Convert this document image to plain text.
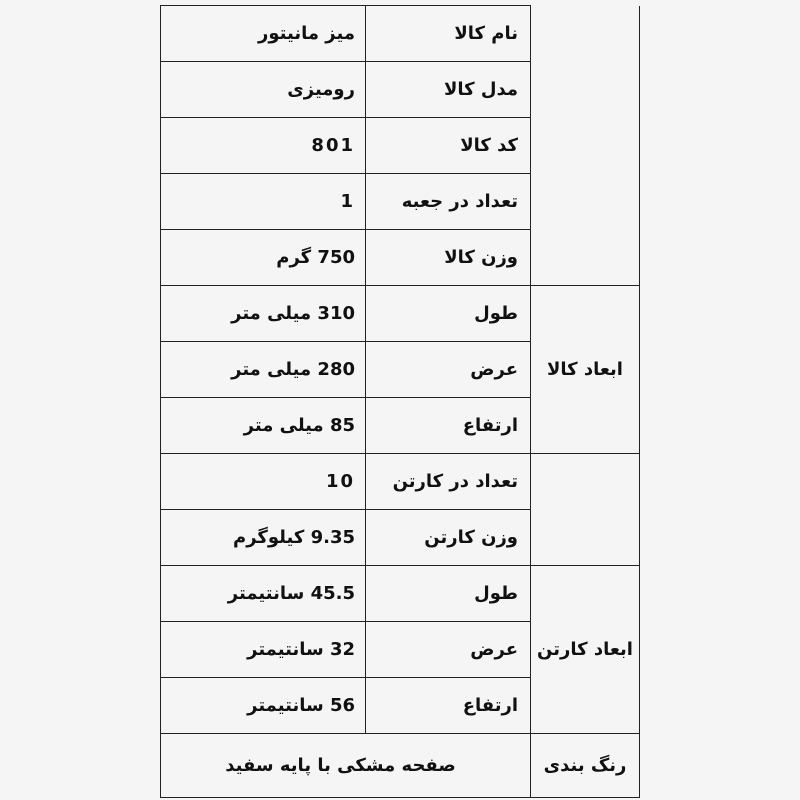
	نام کالا	میز مانیتور
	مدل کالا	رومیزی
	کد کالا	801
	تعداد در جعبه	1
	وزن کالا	750 گرم
ابعاد کالا	طول	310 میلی متر
	عرض	280 میلی متر
	ارتفاع	85 میلی متر
	تعداد در کارتن	10
	وزن کارتن	9.35 کیلوگرم
ابعاد کارتن	طول	45.5 سانتیمتر
	عرض	32 سانتیمتر
	ارتفاع	56 سانتیمتر
رنگ بندی	صفحه مشکی با پایه سفید	
